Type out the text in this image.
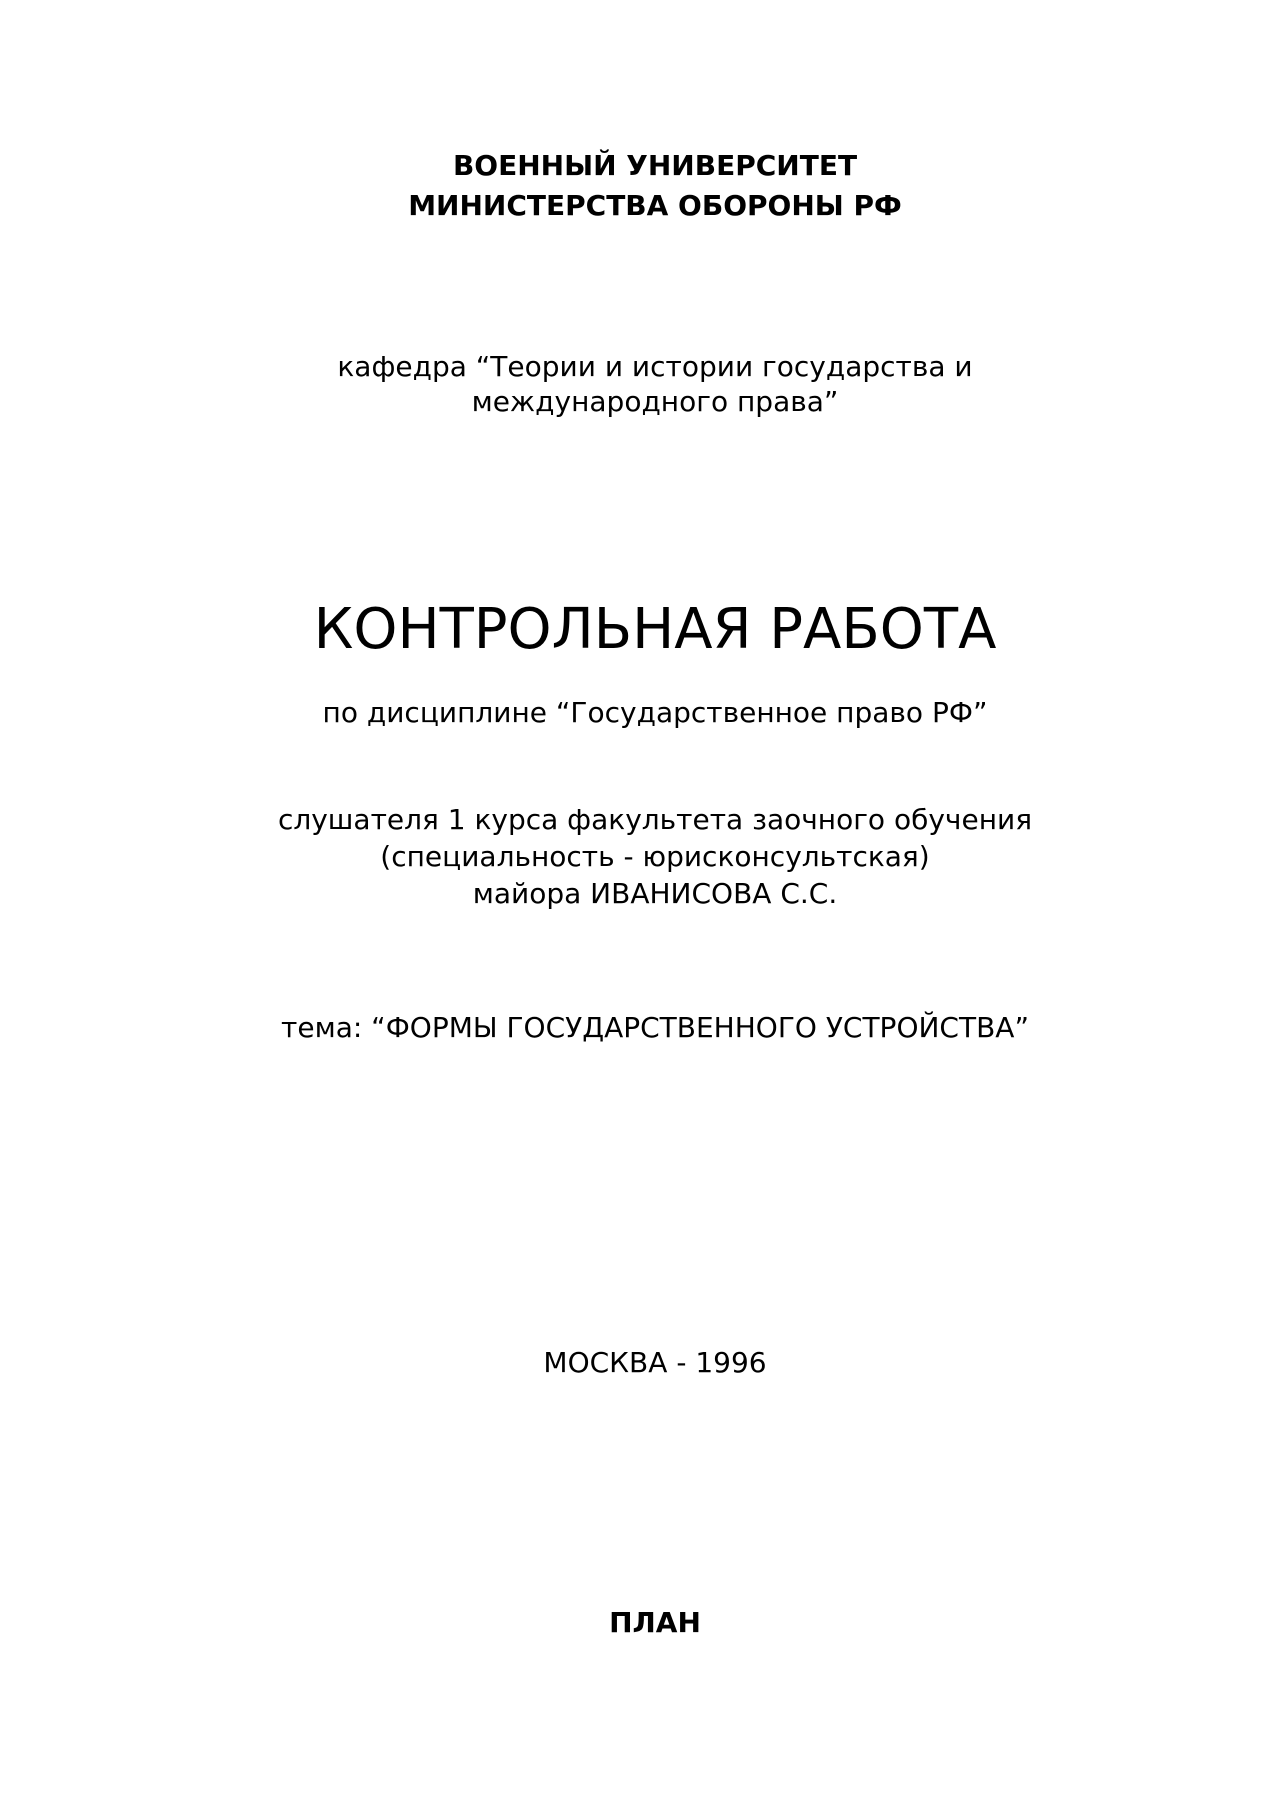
ВОЕННЫЙ УНИВЕРСИТЕТ
МИНИСТЕРСТВА ОБОРОНЫ РФ
кафедра “Теории и истории государства и
международного права”
КОНТРОЛЬНАЯ РАБОТА
по дисциплине “Государственное право РФ”
слушателя 1 курса факультета заочного обучения
(специальность - юрисконсультская)
майора ИВАНИСОВА С.С.
тема: “ФОРМЫ ГОСУДАРСТВЕННОГО УСТРОЙСТВА”
МОСКВА - 1996
ПЛАН
